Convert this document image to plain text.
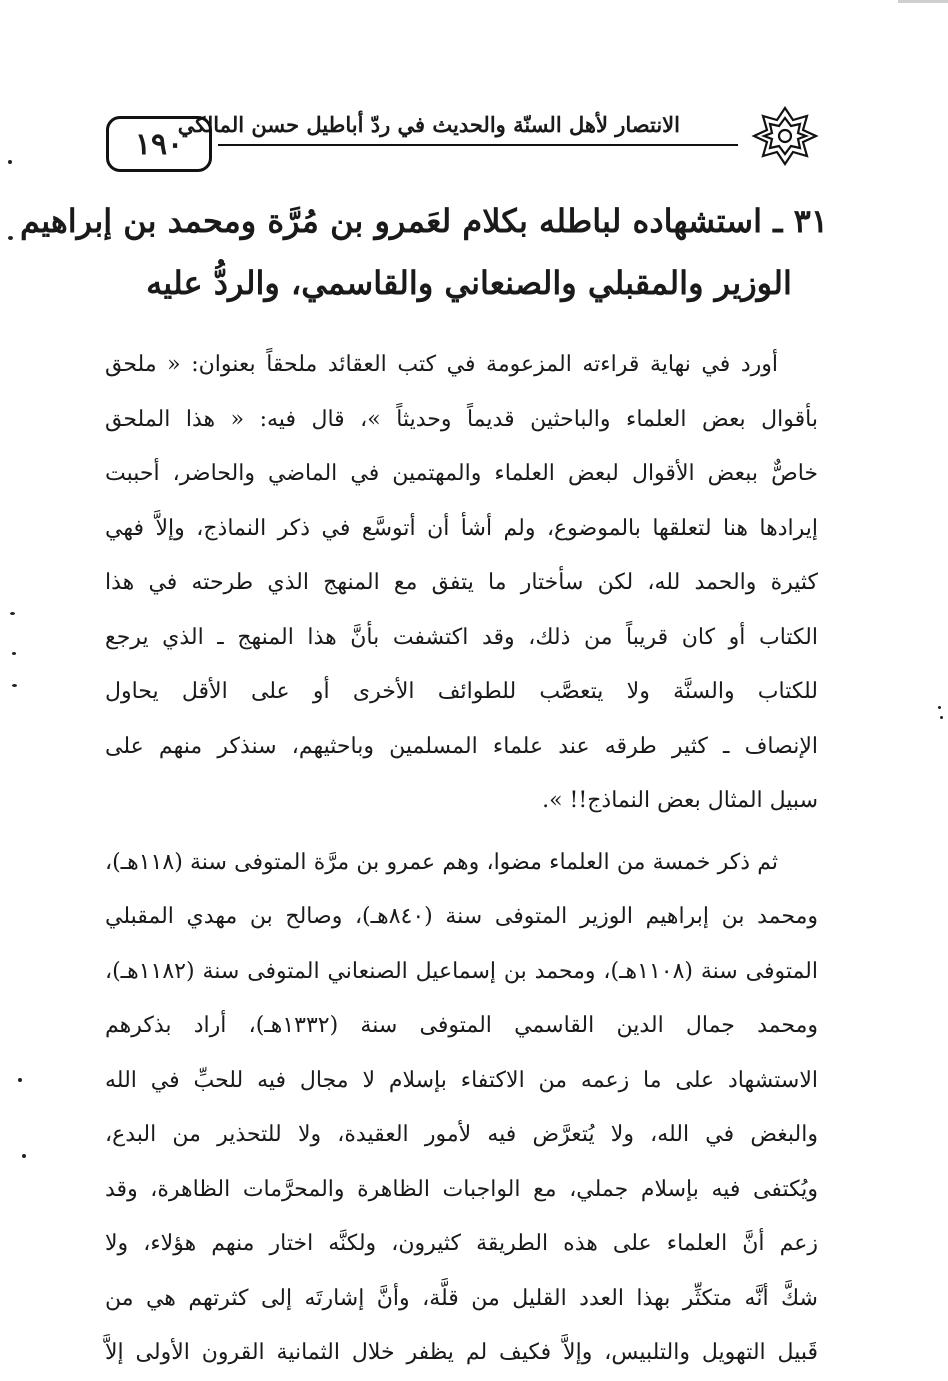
الانتصار لأهل السنّة والحديث في ردّ أباطيل حسن المالكي
١٩٠
٣١ ـ استشهاده لباطله بكلام لعَمرو بن مُرَّة ومحمد بن إبراهيم
الوزير والمقبلي والصنعاني والقاسمي، والردُّ عليه
أورد في نهاية قراءته المزعومة في كتب العقائد ملحقاً بعنوان: « ملحق
بأقوال بعض العلماء والباحثين قديماً وحديثاً »، قال فيه: « هذا الملحق
خاصٌّ ببعض الأقوال لبعض العلماء والمهتمين في الماضي والحاضر، أحببت
إيرادها هنا لتعلقها بالموضوع، ولم أشأ أن أتوسَّع في ذكر النماذج، وإلاَّ فهي
كثيرة والحمد لله، لكن سأختار ما يتفق مع المنهج الذي طرحته في هذا
الكتاب أو كان قريباً من ذلك، وقد اكتشفت بأنَّ هذا المنهج ـ الذي يرجع
للكتاب والسنَّة ولا يتعصَّب للطوائف الأخرى أو على الأقل يحاول
الإنصاف ـ كثير طرقه عند علماء المسلمين وباحثيهم، سنذكر منهم على
سبيل المثال بعض النماذج!! ».
ثم ذكر خمسة من العلماء مضوا، وهم عمرو بن مرَّة المتوفى سنة (١١٨هـ)،
ومحمد بن إبراهيم الوزير المتوفى سنة (٨٤٠هـ)، وصالح بن مهدي المقبلي
المتوفى سنة (١١٠٨هـ)، ومحمد بن إسماعيل الصنعاني المتوفى سنة (١١٨٢هـ)،
ومحمد جمال الدين القاسمي المتوفى سنة (١٣٣٢هـ)، أراد بذكرهم
الاستشهاد على ما زعمه من الاكتفاء بإسلام لا مجال فيه للحبِّ في الله
والبغض في الله، ولا يُتعرَّض فيه لأمور العقيدة، ولا للتحذير من البدع،
ويُكتفى فيه بإسلام جملي، مع الواجبات الظاهرة والمحرَّمات الظاهرة، وقد
زعم أنَّ العلماء على هذه الطريقة كثيرون، ولكنَّه اختار منهم هؤلاء، ولا
شكَّ أنَّه متكثِّر بهذا العدد القليل من قلَّة، وأنَّ إشارتَه إلى كثرتهم هي من
قَبيل التهويل والتلبيس، وإلاَّ فكيف لم يظفر خلال الثمانية القرون الأولى إلاَّ
